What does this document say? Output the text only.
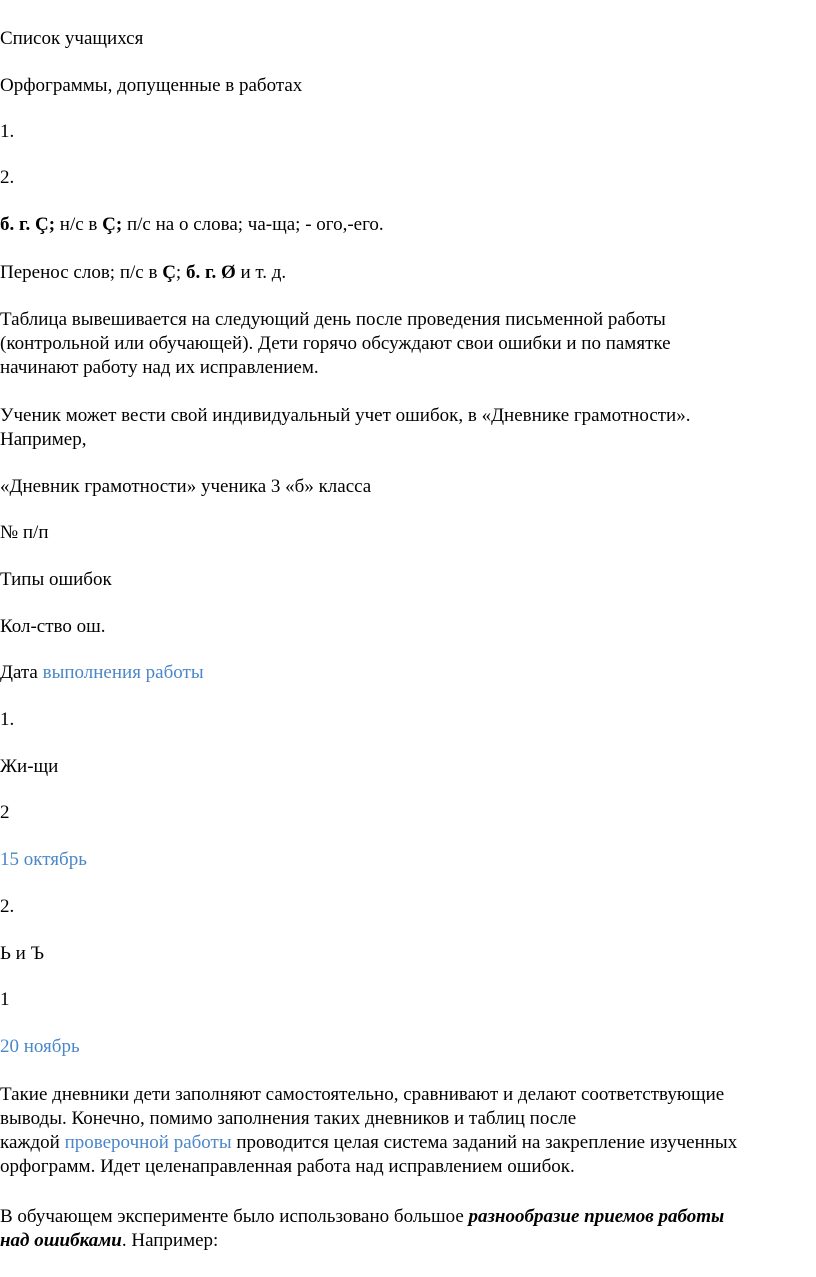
Список учащихся

Орфограммы, допущенные в работах

1.

2.

б. г. Ç; н/с в Ç; п/с на о слова; ча-ща; - ого,-его.

Перенос слов; п/с в Ç; б. г. Ø и т. д.

Таблица вывешивается на следующий день после проведения письменной работы

(контрольной или обучающей). Дети горячо обсуждают свои ошибки и по памятке

начинают работу над их исправлением.

Ученик может вести свой индивидуальный учет ошибок, в «Дневнике грамотности».

Например,

«Дневник грамотности» ученика 3 «б» класса

№ п/п

Типы ошибок

Кол-ство ош.

Дата выполнения работы

1.

Жи-щи

2

15 октябрь

2.

Ь и Ъ

1

20 ноябрь

Такие дневники дети заполняют самостоятельно, сравнивают и делают соответствующие

выводы. Конечно, помимо заполнения таких дневников и таблиц после

каждой проверочной работы проводится целая система заданий на закрепление изученных

орфограмм. Идет целенаправленная работа над исправлением ошибок.

В обучающем эксперименте было использовано большое разнообразие приемов работы

над ошибками. Например:
